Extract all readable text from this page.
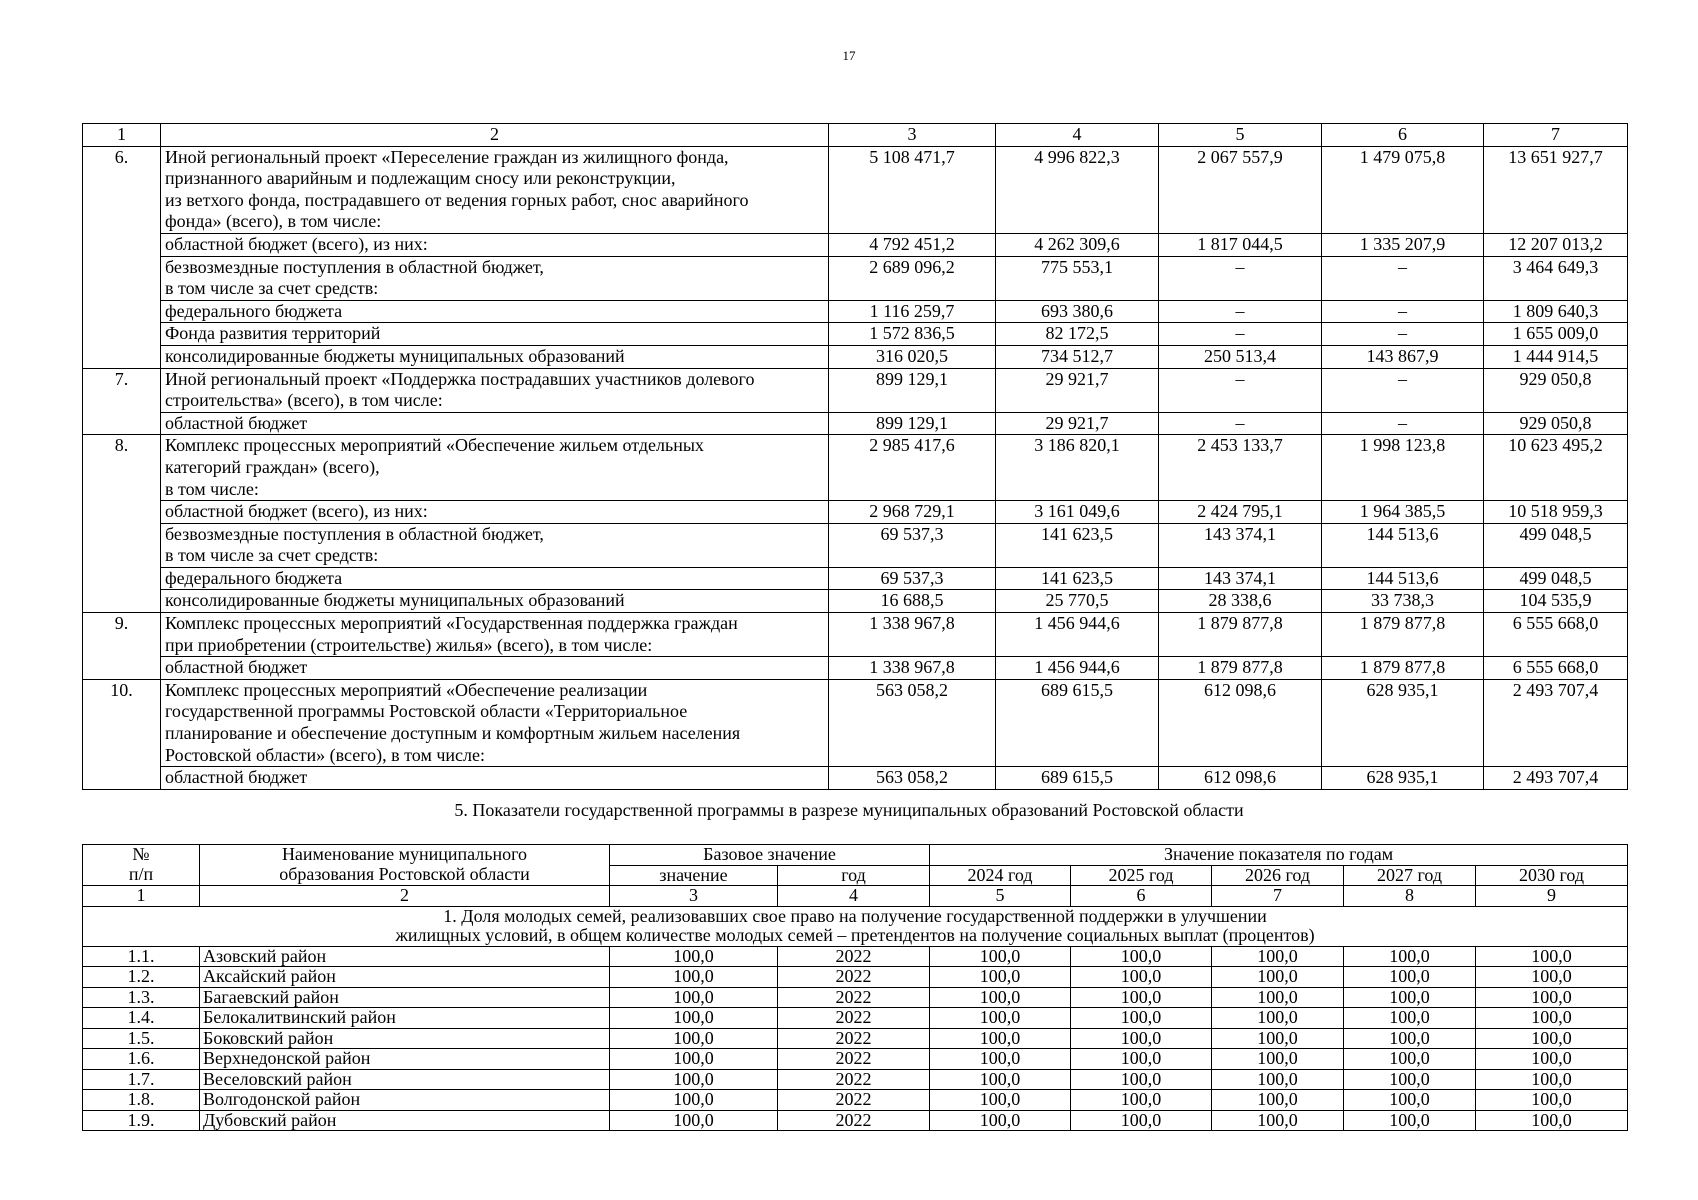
17
1	2	3	4	5	6	7
6.	Иной региональный проект «Переселение граждан из жилищного фонда,
признанного аварийным и подлежащим сносу или реконструкции,
из ветхого фонда, пострадавшего от ведения горных работ, снос аварийного
фонда» (всего), в том числе:	5 108 471,7	4 996 822,3	2 067 557,9	1 479 075,8	13 651 927,7
	областной бюджет (всего), из них:	4 792 451,2	4 262 309,6	1 817 044,5	1 335 207,9	12 207 013,2
	безвозмездные поступления в областной бюджет,
в том числе за счет средств:	2 689 096,2	775 553,1	–	–	3 464 649,3
	федерального бюджета	1 116 259,7	693 380,6	–	–	1 809 640,3
	Фонда развития территорий	1 572 836,5	82 172,5	–	–	1 655 009,0
	консолидированные бюджеты муниципальных образований	316 020,5	734 512,7	250 513,4	143 867,9	1 444 914,5
7.	Иной региональный проект «Поддержка пострадавших участников долевого
строительства» (всего), в том числе:	899 129,1	29 921,7	–	–	929 050,8
	областной бюджет	899 129,1	29 921,7	–	–	929 050,8
8.	Комплекс процессных мероприятий «Обеспечение жильем отдельных
категорий граждан» (всего),
в том числе:	2 985 417,6	3 186 820,1	2 453 133,7	1 998 123,8	10 623 495,2
	областной бюджет (всего), из них:	2 968 729,1	3 161 049,6	2 424 795,1	1 964 385,5	10 518 959,3
	безвозмездные поступления в областной бюджет,
в том числе за счет средств:	69 537,3	141 623,5	143 374,1	144 513,6	499 048,5
	федерального бюджета	69 537,3	141 623,5	143 374,1	144 513,6	499 048,5
	консолидированные бюджеты муниципальных образований	16 688,5	25 770,5	28 338,6	33 738,3	104 535,9
9.	Комплекс процессных мероприятий «Государственная поддержка граждан
при приобретении (строительстве) жилья» (всего), в том числе:	1 338 967,8	1 456 944,6	1 879 877,8	1 879 877,8	6 555 668,0
	областной бюджет	1 338 967,8	1 456 944,6	1 879 877,8	1 879 877,8	6 555 668,0
10.	Комплекс процессных мероприятий «Обеспечение реализации
государственной программы Ростовской области «Территориальное
планирование и обеспечение доступным и комфортным жильем населения
Ростовской области» (всего), в том числе:	563 058,2	689 615,5	612 098,6	628 935,1	2 493 707,4
	областной бюджет	563 058,2	689 615,5	612 098,6	628 935,1	2 493 707,4
5. Показатели государственной программы в разрезе муниципальных образований Ростовской области
№
п/п	Наименование муниципального
образования Ростовской области	Базовое значение		Значение показателя по годам				
		значение	год	2024 год	2025 год	2026 год	2027 год	2030 год
1	2	3	4	5	6	7	8	9
1. Доля молодых семей, реализовавших свое право на получение государственной поддержки в улучшении
жилищных условий, в общем количестве молодых семей – претендентов на получение социальных выплат (процентов)								
1.1.	Азовский район	100,0	2022	100,0	100,0	100,0	100,0	100,0
1.2.	Аксайский район	100,0	2022	100,0	100,0	100,0	100,0	100,0
1.3.	Багаевский район	100,0	2022	100,0	100,0	100,0	100,0	100,0
1.4.	Белокалитвинский район	100,0	2022	100,0	100,0	100,0	100,0	100,0
1.5.	Боковский район	100,0	2022	100,0	100,0	100,0	100,0	100,0
1.6.	Верхнедонской район	100,0	2022	100,0	100,0	100,0	100,0	100,0
1.7.	Веселовский район	100,0	2022	100,0	100,0	100,0	100,0	100,0
1.8.	Волгодонской район	100,0	2022	100,0	100,0	100,0	100,0	100,0
1.9.	Дубовский район	100,0	2022	100,0	100,0	100,0	100,0	100,0
